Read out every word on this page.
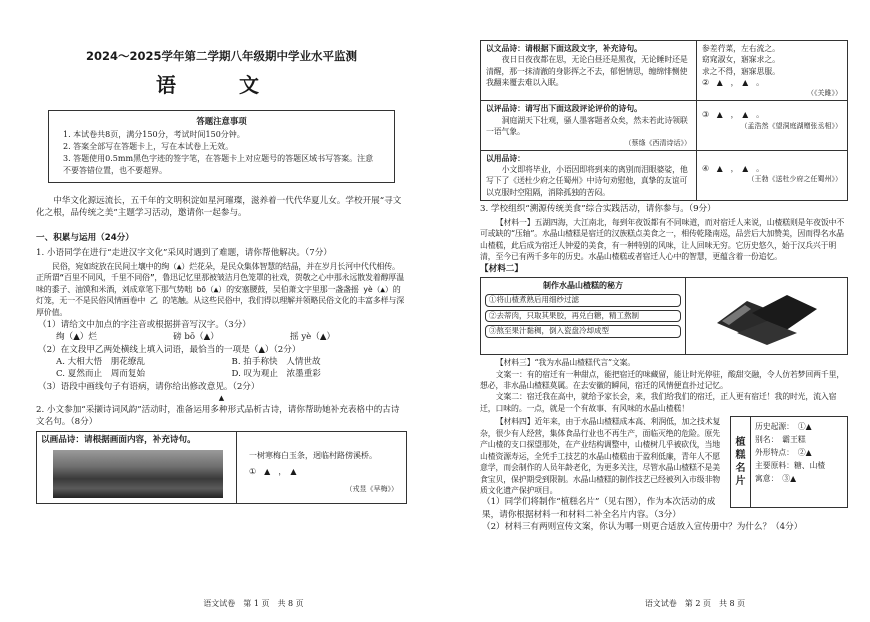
2024～2025学年第二学期八年级期中学业水平监测
语 文
答题注意事项

1. 本试卷共8页，满分150分，考试时间150分钟。

2. 答案全部写在答题卡上，写在本试卷上无效。

3. 答题使用0.5mm黑色字迹的签字笔，在答题卡上对应题号的答题区域书写答案。注意不要答错位置，也不要超界。

中华文化源远流长，五千年的文明积淀如星河璀璨，滋养着一代代华夏儿女。学校开展“寻文化之根，品传统之美”主题学习活动，邀请你一起参与。

一、积累与运用（24分）

1. 小语同学在进行“走进汉字文化”采风时遇到了难题，请你帮他解决。（7分）

民俗，宛如绽放在民间土壤中的绚（▲）烂花朵，是民众集体智慧的结晶，并在岁月长河中代代相传。正所谓“百里不同风，千里不同俗”，鲁迅记忆里那被皱洁月色笼罩的社戏，贺敬之心中那永远散发着醇厚温味的黍子、油馍和米酒，刘成章笔下那气势咄 bō（▲）的安塞腰鼓，吴伯萧文字里那一盏盏摇 yè（▲）的灯笼，无一不是民俗风情画卷中 乙 的笔触。从这些民俗中，我们得以理解并领略民俗文化的丰富多样与深厚价值。

（1）请给文中加点的字注音或根据拼音写汉字。（3分）

绚（▲）烂	磅 bō（▲）	摇 yè（▲）

（2）在文段甲乙两处横线上填入词语，最恰当的一项是（▲）（2分）

A. 大相大悟　朋花缭乱	B. 拍手称快　人情世故
C. 夏然而止　周而复始	D. 叹为观止　浓墨重彩

（3）语段中画线句子有语病，请你给出修改意见。（2分）

▲

2. 小文参加“采撷诗词风韵”活动时，准备运用多种形式品析古诗，请你帮助她补充表格中的古诗文名句。（8分）

以画品诗：请根据画面内容，补充诗句。
一树寒梅白玉条，迥临村路傍溪桥。
①　▲　，　▲　
（戎昱《早梅》）
语文试卷　第 1 页　共 8 页
以文品诗：请根据下面这段文字，补充诗句。
夜日日夜夜都在思，无论白昼还是黑夜，无论睡时还是清醒，那一抹清澈的身影挥之不去，郁悒情思，缠绵悱恻使我翻来覆去难以入眠。
参差荇菜，左右流之。
窈窕淑女，寤寐求之。
求之不得，寤寐思服。
②　▲　，　▲　。
（《关雎》）
以评品诗：请写出下面这段评论评价的诗句。
洞庭湖天下壮观，骚人墨客题者众矣，然未若此诗领联一语气象。
（蔡绦《西清诗话》）
③　▲　，　▲　。
（孟浩然《望洞庭湖赠张丞相》）
以用品诗：
小文即将毕业，小语因即将到来的离别而泪眼婆娑，他写下了《送杜少府之任蜀州》中诗句劝慰他，真挚的友谊可以克服时空阻隔，消除孤独的苦闷。
④　▲　，　▲　。
（王勃《送杜少府之任蜀州》）

3. 学校组织“溯源传统美食”综合实践活动，请你参与。（9分）

【材料一】五湖四海，大江南北，每到年夜饭都有不同味道，而对宿迁人来说，山楂糕则是年夜饭中不可或缺的“压轴”。水晶山楂糕是宿迁的汉族糕点美食之一，相传乾隆南巡，品尝后大加赞美，因而得名水晶山楂糕，此后成为宿迁人钟爱的美食，有一种特别的风味，让人回味无穷。它历史悠久，始于汉兵兴于明清，至今已有两千多年的历史。水晶山楂糕或者宿迁人心中的智慧，更蕴含着一份追忆。

【材料二】
制作水晶山楂糕的秘方
①将山楂煮熟后用细纱过滤
②去蒂肉，只取其果胶，再兑白糖，精工熬制
③熬至果汁黏稠，倒入瓷盘冷却成型

【材料三】“我为水晶山楂糕代言”文案。

文案一：有的宿迁有一种甜点，能把宿迁的味藏留，能让时光停驻，酸甜交融，令人仿若梦回两千里，想必，非水晶山楂糕莫属。在去安徽的瞬间，宿迁的风情便直扑过记忆。

文案二：宿迁我在高中，就给予家长会，来，我们给我们的宿迁，正人更有宿迁！我的时光，流入宿迁，口味的。一点，就是一个有故事、有风味的水晶山楂糕！

【材料四】近年来，由于水晶山楂糕成本高、利润低，加之技术复杂，很少有人经营，集体食品行业也不再生产，面临灭绝的危险。原先产山楂的支口探望那处，在产业结构调整中，山楂树几乎被砍伐，当地山楂资源寿运，全凭手工技艺的水晶山楂糕由于盈利低廉，青年人不愿意学，而会制作的人员年龄老化，为更多关注，尽管水晶山楂糕不是美食宝贝，保护期受到限制。水晶山楂糕的制作技艺已经被列入市级非物质文化遗产保护项目。

（1）同学们将制作“植糕名片”（见右图），作为本次活动的成果，请你根据材料一和材料二补全名片内容。（3分）

植
糕
名
片
历史起源：　①▲
别名：　霸王糕
外形特点：　②▲
主要原料：糖、山楂
寓意：　③▲

（2）材料三有两则宣传文案，你认为哪一则更合适放入宣传册中？为什么？（4分）

语文试卷　第 2 页　共 8 页
